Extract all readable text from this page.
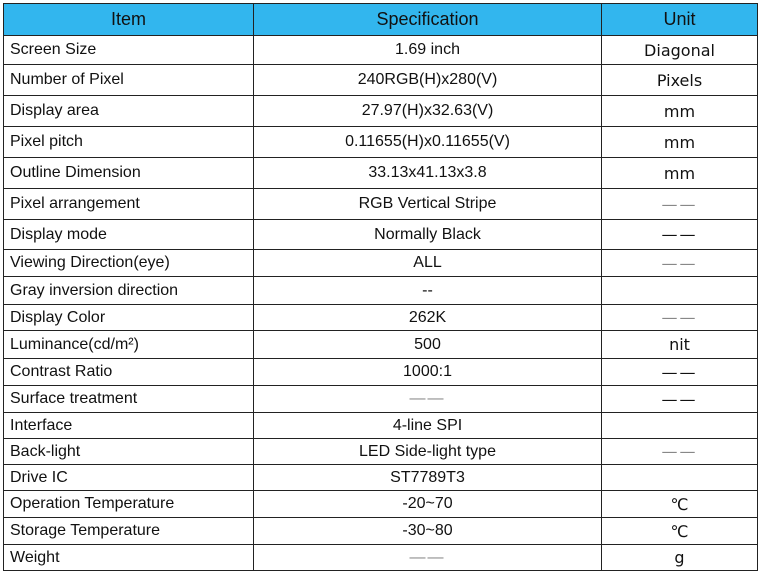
Item	Specification	Unit
Screen Size	1.69 inch	Diagonal
Number of Pixel	240RGB(H)x280(V)	Pixels
Display area	27.97(H)x32.63(V)	mm
Pixel pitch	0.11655(H)x0.11655(V)	mm
Outline Dimension	33.13x41.13x3.8	mm
Pixel arrangement	RGB Vertical Stripe	——
Display mode	Normally Black	——
Viewing Direction(eye)	ALL	——
Gray inversion direction	--	
Display Color	262K	——
Luminance(cd/m²)	500	nit
Contrast Ratio	1000:1	——
Surface treatment	——	——
Interface	4-line SPI	
Back-light	LED Side-light type	——
Drive IC	ST7789T3	
Operation Temperature	-20~70	℃
Storage Temperature	-30~80	℃
Weight	——	g
